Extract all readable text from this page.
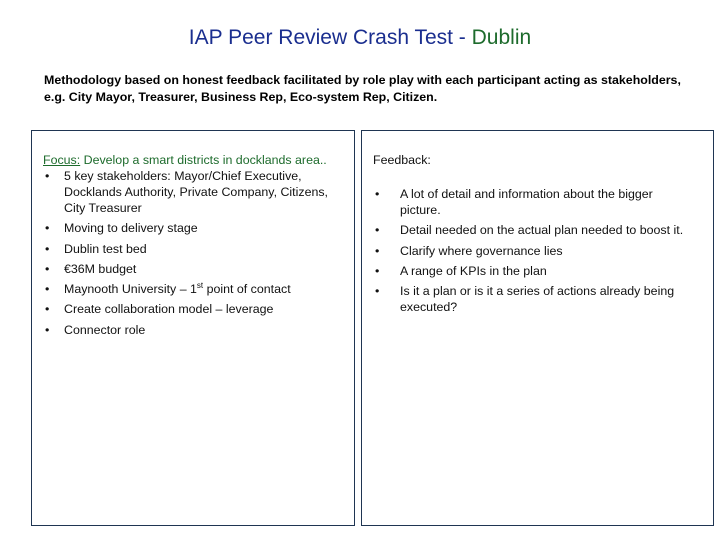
IAP Peer Review Crash Test - Dublin
Methodology based on honest feedback facilitated by role play with each participant acting as stakeholders, e.g. City Mayor, Treasurer, Business Rep, Eco-system Rep, Citizen.
Focus: Develop a smart districts in docklands area..
• 5 key stakeholders: Mayor/Chief Executive, Docklands Authority, Private Company, Citizens, City Treasurer
• Moving to delivery stage
• Dublin test bed
• €36M budget
• Maynooth University – 1st point of contact
• Create collaboration model – leverage
• Connector role
Feedback:
• A lot of detail and information about the bigger picture.
• Detail needed on the actual plan needed to boost it.
• Clarify where governance lies
• A range of KPIs in the plan
• Is it a plan or is it a series of actions already being executed?
